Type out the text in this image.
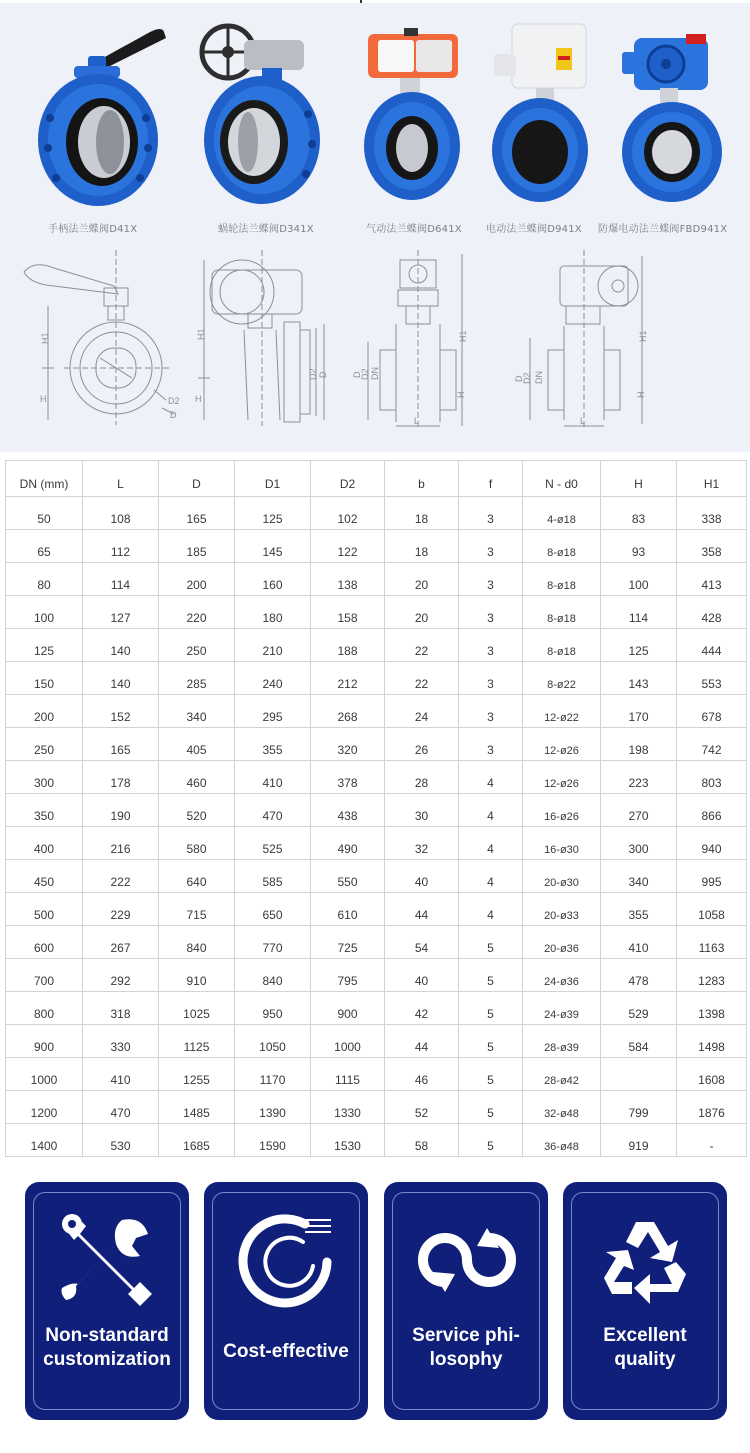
手柄法兰蝶阀D41X	蜗轮法兰蝶阀D341X	气动法兰蝶阀D641X 电动法兰蝶阀D941X 防爆电动法兰蝶阀FBD941X
H1
H	D2
D
H1
H
D2 D
H1
H
D
D2 DN
L
H1
H
D
D2 DN
L
DN (mm)	L	D	D1	D2	b	f	N - d0	H	H1
50	108	165	125	102	18	3	4-ø18	83	338
65	112	185	145	122	18	3	8-ø18	93	358
80	114	200	160	138	20	3	8-ø18	100	413
100	127	220	180	158	20	3	8-ø18	114	428
125	140	250	210	188	22	3	8-ø18	125	444
150	140	285	240	212	22	3	8-ø22	143	553
200	152	340	295	268	24	3	12-ø22	170	678
250	165	405	355	320	26	3	12-ø26	198	742
300	178	460	410	378	28	4	12-ø26	223	803
350	190	520	470	438	30	4	16-ø26	270	866
400	216	580	525	490	32	4	16-ø30	300	940
450	222	640	585	550	40	4	20-ø30	340	995
500	229	715	650	610	44	4	20-ø33	355	1058
600	267	840	770	725	54	5	20-ø36	410	1163
700	292	910	840	795	40	5	24-ø36	478	1283
800	318	1025	950	900	42	5	24-ø39	529	1398
900	330	1125	1050	1000	44	5	28-ø39	584	1498
1000	410	1255	1170	1115	46	5	28-ø42		1608
1200	470	1485	1390	1330	52	5	32-ø48	799	1876
1400	530	1685	1590	1530	58	5	36-ø48	919	-
Non-standard
customization	Cost-effective
Service phi-
losophy
Excellent
quality
